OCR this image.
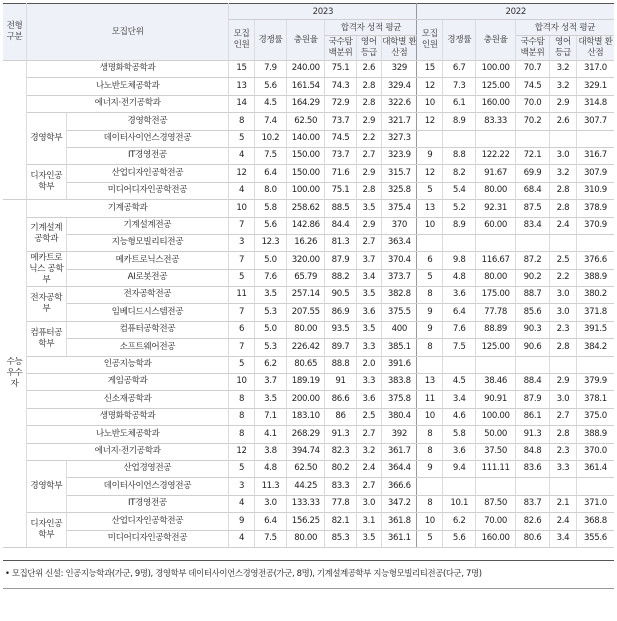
전형 구분	모집단위		2023						2022					
			모집 인원	경쟁률	충원율	합격자 성적 평균			모집 인원	경쟁률	충원율	합격자 성적 평균		
						국수탐 백분위	영어 등급	대학별 환산점				국수탐 백분위	영어 등급	대학별 환산점
	생명화학공학과		15	7.9	240.00	75.1	2.6	329	15	6.7	100.00	70.7	3.2	317.0
	나노반도체공학과		13	5.6	161.54	74.3	2.8	329.4	12	7.3	125.00	74.5	3.2	329.1
	에너지·전기공학과		14	4.5	164.29	72.9	2.8	322.6	10	6.1	160.00	70.0	2.9	314.8
	경영학부	경영학전공	8	7.4	62.50	73.7	2.9	321.7	12	8.9	83.33	70.2	2.6	307.7
		데이터사이언스경영전공	5	10.2	140.00	74.5	2.2	327.3						
		IT경영전공	4	7.5	150.00	73.7	2.7	323.9	9	8.8	122.22	72.1	3.0	316.7
	디자인공학부	산업디자인공학전공	12	6.4	150.00	71.6	2.9	315.7	12	8.2	91.67	69.9	3.2	307.9
		미디어디자인공학전공	4	8.0	100.00	75.1	2.8	325.8	5	5.4	80.00	68.4	2.8	310.9
수능 우수자	기계공학과		10	5.8	258.62	88.5	3.5	375.4	13	5.2	92.31	87.5	2.8	378.9
	기계설계공학과	기계설계전공	7	5.6	142.86	84.4	2.9	370	10	8.9	60.00	83.4	2.4	370.9
		지능형모빌리티전공	3	12.3	16.26	81.3	2.7	363.4						
	메카트로닉스 공학부	메카트로닉스전공	7	5.0	320.00	87.9	3.7	370.4	6	9.8	116.67	87.2	2.5	376.6
		AI로봇전공	5	7.6	65.79	88.2	3.4	373.7	5	4.8	80.00	90.2	2.2	388.9
	전자공학부	전자공학전공	11	3.5	257.14	90.5	3.5	382.8	8	3.6	175.00	88.7	3.0	380.2
		임베디드시스템전공	7	5.3	207.55	86.9	3.6	375.5	9	6.4	77.78	85.6	3.0	371.8
	컴퓨터공학부	컴퓨터공학전공	6	5.0	80.00	93.5	3.5	400	9	7.6	88.89	90.3	2.3	391.5
		소프트웨어전공	7	5.3	226.42	89.7	3.3	385.1	8	7.5	125.00	90.6	2.8	384.2
	인공지능학과		5	6.2	80.65	88.8	2.0	391.6						
	게임공학과		10	3.7	189.19	91	3.3	383.8	13	4.5	38.46	88.4	2.9	379.9
	신소재공학과		8	3.5	200.00	86.6	3.6	375.8	11	3.4	90.91	87.9	3.0	378.1
	생명화학공학과		8	7.1	183.10	86	2.5	380.4	10	4.6	100.00	86.1	2.7	375.0
	나노반도체공학과		8	4.1	268.29	91.3	2.7	392	8	5.8	50.00	91.3	2.8	388.9
	에너지·전기공학과		12	3.8	394.74	82.3	3.2	361.7	8	3.6	37.50	84.8	2.3	370.0
	경영학부	산업경영전공	5	4.8	62.50	80.2	2.4	364.4	9	9.4	111.11	83.6	3.3	361.4
		데이터사이언스경영전공	3	11.3	44.25	83.3	2.7	366.6						
		IT경영전공	4	3.0	133.33	77.8	3.0	347.2	8	10.1	87.50	83.7	2.1	371.0
	디자인공학부	산업디자인공학전공	9	6.4	156.25	82.1	3.1	361.8	10	6.2	70.00	82.6	2.4	368.8
		미디어디자인공학전공	4	7.5	80.00	85.3	3.5	361.1	5	5.6	160.00	80.6	3.4	355.6
• 모집단위 신설: 인공지능학과(가군, 9명), 경영학부 데이터사이언스경영전공(가군, 8명), 기계설계공학부 지능형모빌리티전공(다군, 7명)
